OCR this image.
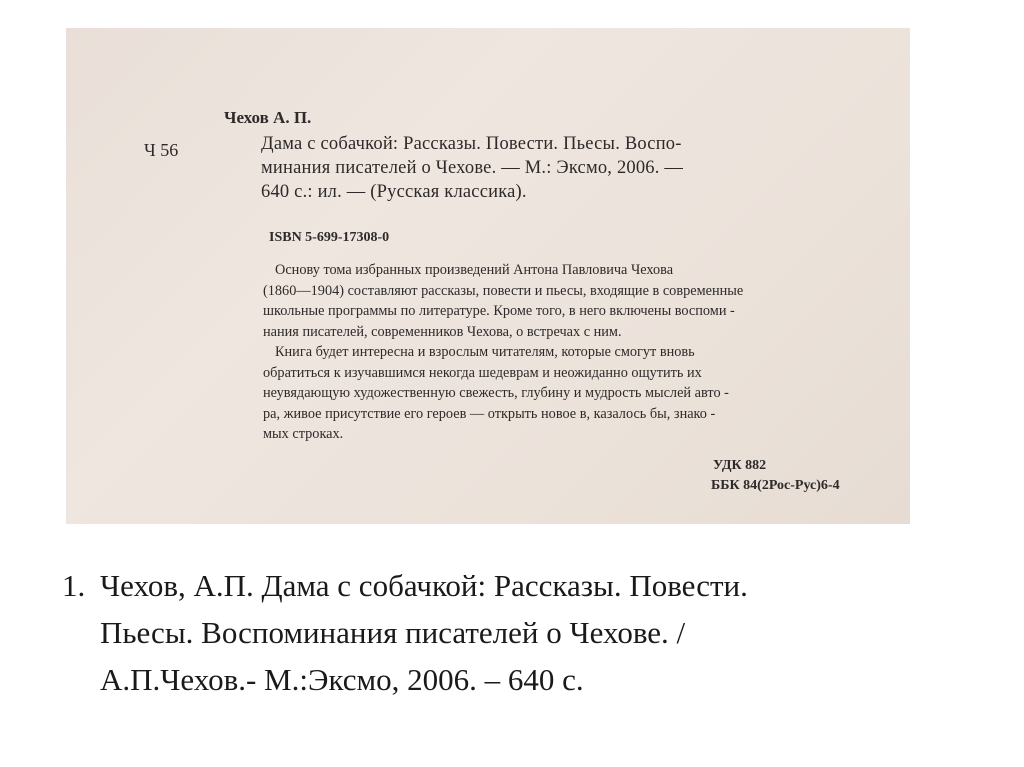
Чехов А. П.
Ч 56	Дама с собачкой: Рассказы. Повести. Пьесы. Воспо-
минания писателей о Чехове. — М.: Эксмо, 2006. —
640 с.: ил. — (Русская классика).
ISBN 5-699-17308-0
Основу тома избранных произведений Антона Павловича Чехова
(1860—1904) составляют рассказы, повести и пьесы, входящие в современные
школьные программы по литературе. Кроме того, в него включены воспоми -
нания писателей, современников Чехова, о встречах с ним.
Книга будет интересна и взрослым читателям, которые смогут вновь
обратиться к изучавшимся некогда шедеврам и неожиданно ощутить их
неувядающую художественную свежесть, глубину и мудрость мыслей авто -
ра, живое присутствие его героев — открыть новое в, казалось бы, знако -
мых строках.
УДК 882
ББК 84(2Рос-Рус)6-4
1. Чехов, А.П. Дама с собачкой: Рассказы. Повести.
Пьесы. Воспоминания писателей о Чехове. /
А.П.Чехов.- М.:Эксмо, 2006. – 640 с.
